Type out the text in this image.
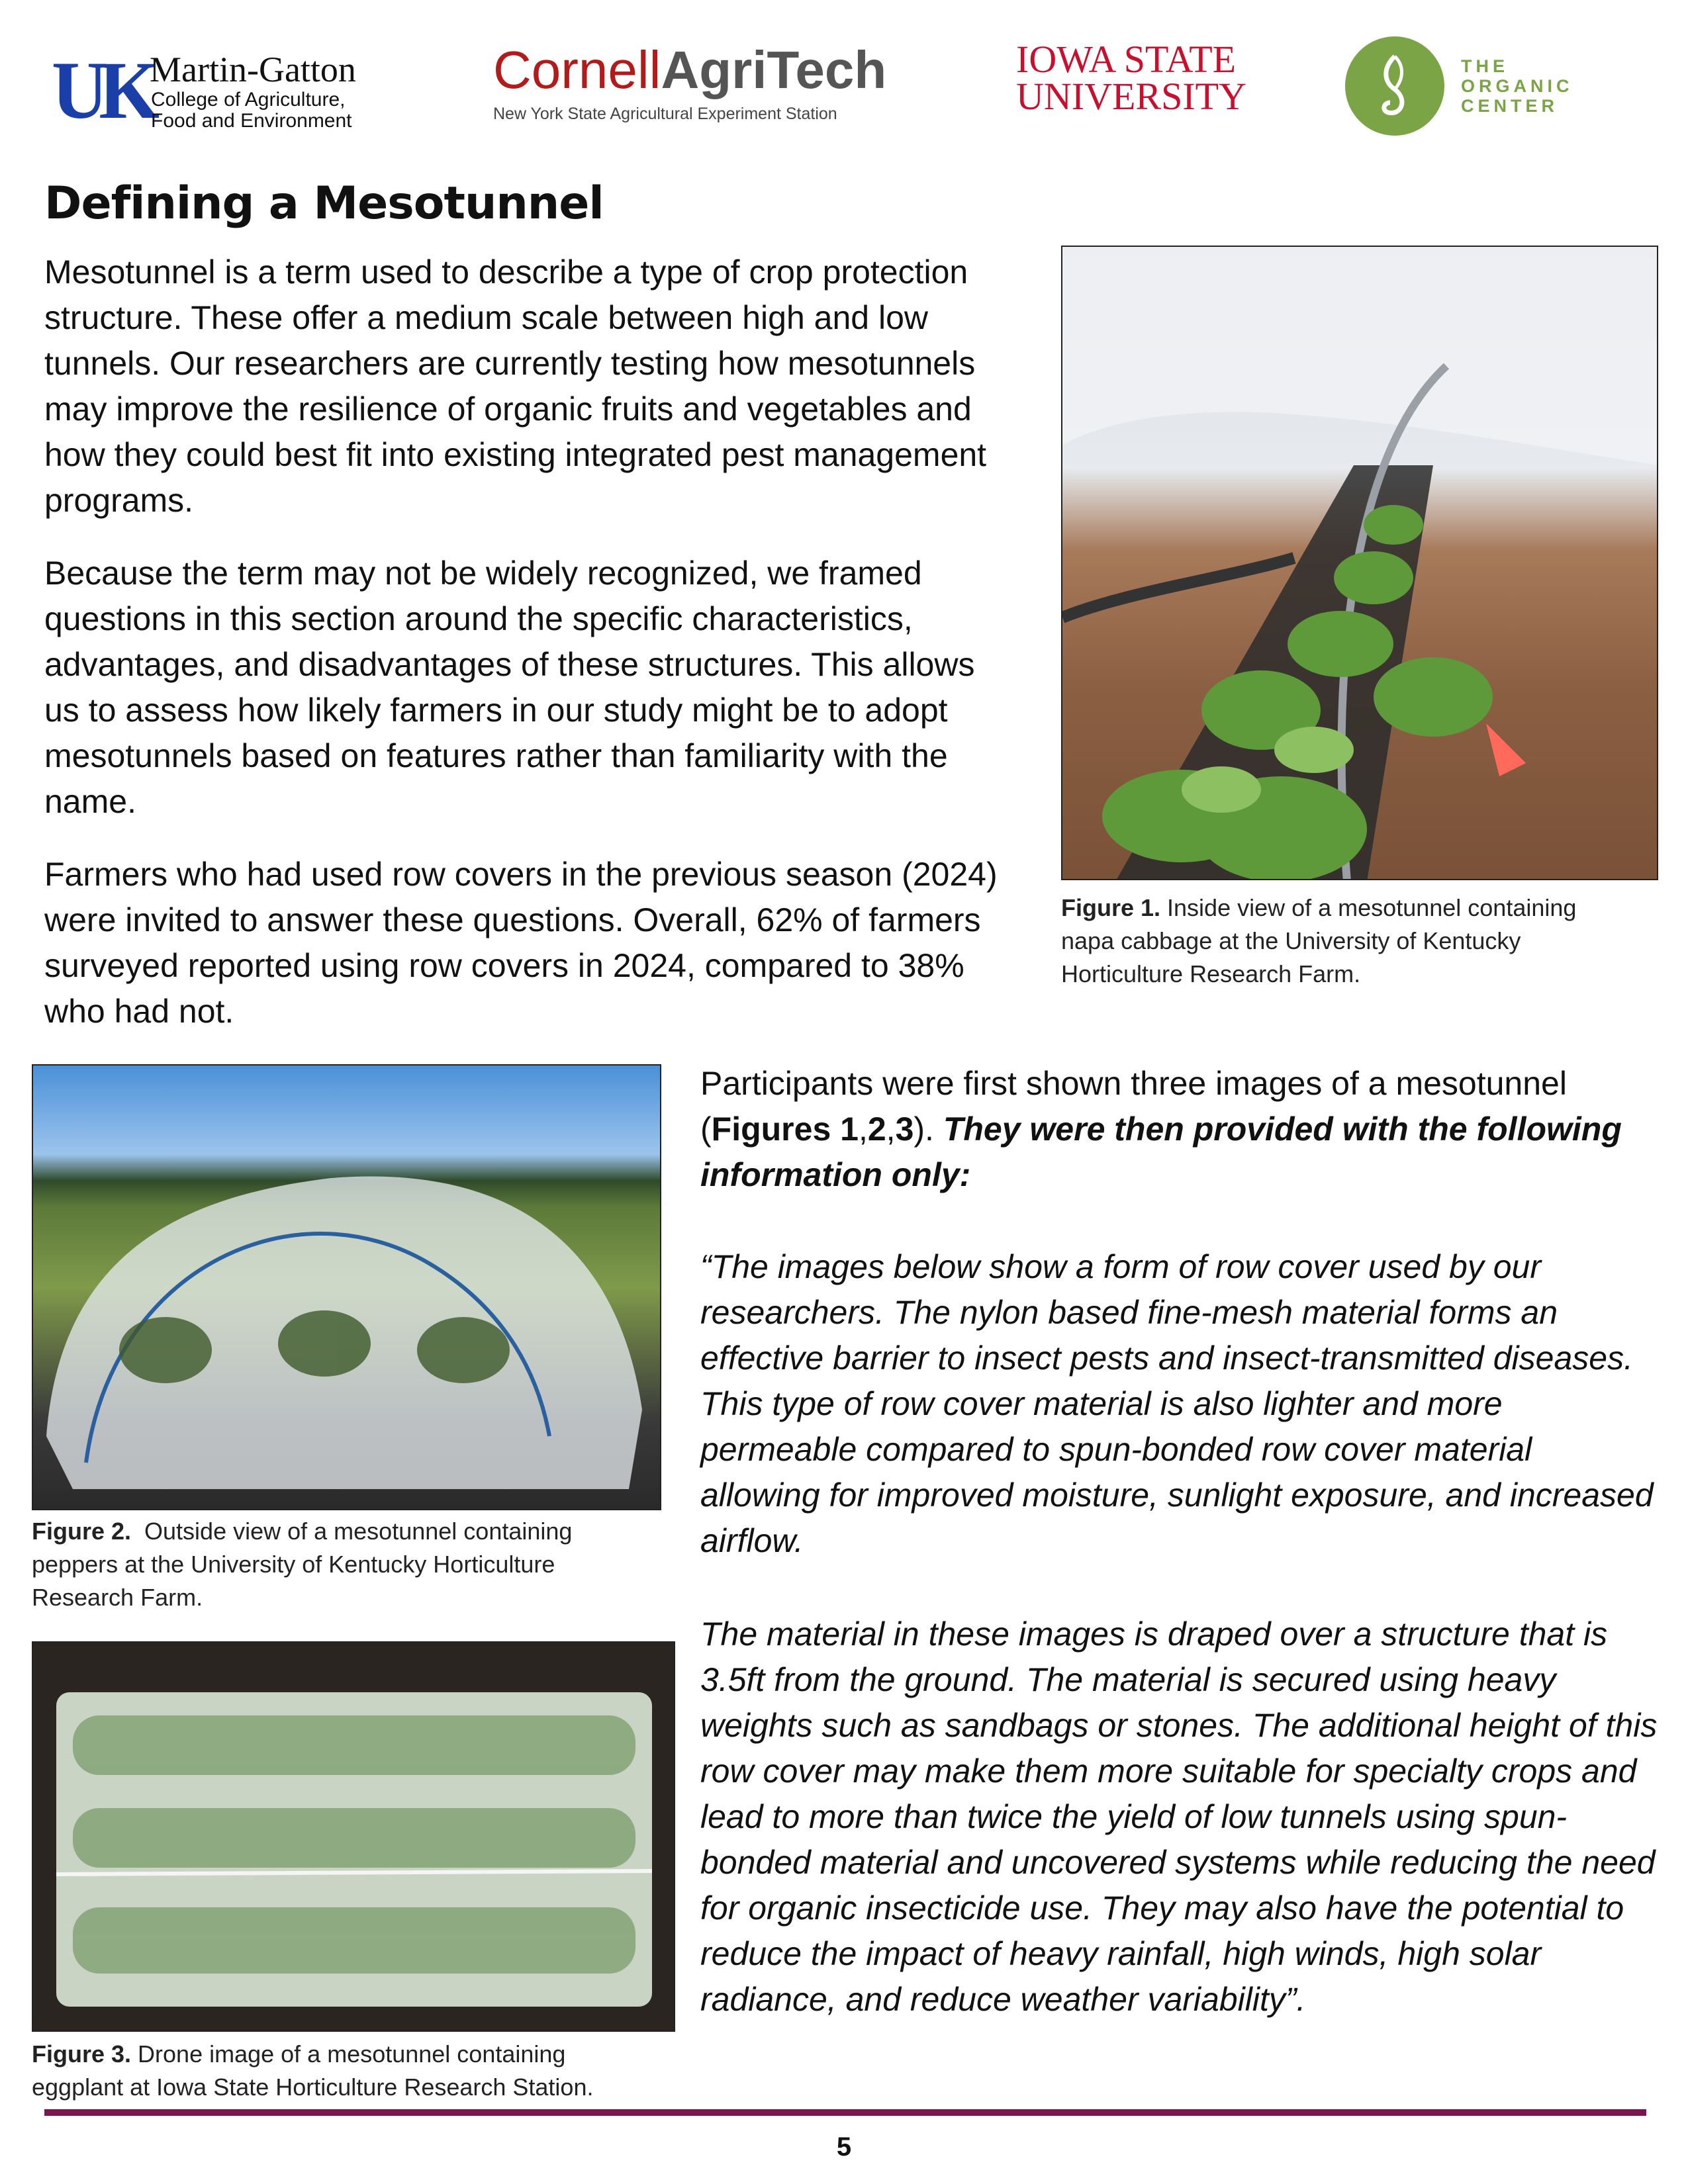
UK Martin-Gatton
College of Agriculture,
Food and Environment
CornellAgriTech
New York State Agricultural Experiment Station
IOWA STATE
UNIVERSITY
THE
ORGANIC
CENTER
Defining a Mesotunnel
Mesotunnel is a term used to describe a type of crop protection
structure. These offer a medium scale between high and low
tunnels. Our researchers are currently testing how mesotunnels
may improve the resilience of organic fruits and vegetables and
how they could best fit into existing integrated pest management
programs.
Because the term may not be widely recognized, we framed
questions in this section around the specific characteristics,
advantages, and disadvantages of these structures. This allows
us to assess how likely farmers in our study might be to adopt
mesotunnels based on features rather than familiarity with the
name.
Farmers who had used row covers in the previous season (2024)
were invited to answer these questions. Overall, 62% of farmers
surveyed reported using row covers in 2024, compared to 38%
who had not.
Figure 1. Inside view of a mesotunnel containing
napa cabbage at the University of Kentucky
Horticulture Research Farm.
Figure 2.  Outside view of a mesotunnel containing
peppers at the University of Kentucky Horticulture
Research Farm.
Figure 3. Drone image of a mesotunnel containing
eggplant at Iowa State Horticulture Research Station.
Participants were first shown three images of a mesotunnel
(Figures 1,2,3). They were then provided with the following
information only:
“The images below show a form of row cover used by our
researchers. The nylon based fine-mesh material forms an
effective barrier to insect pests and insect-transmitted diseases.
This type of row cover material is also lighter and more
permeable compared to spun-bonded row cover material
allowing for improved moisture, sunlight exposure, and increased
airflow.
The material in these images is draped over a structure that is
3.5ft from the ground. The material is secured using heavy
weights such as sandbags or stones. The additional height of this
row cover may make them more suitable for specialty crops and
lead to more than twice the yield of low tunnels using spun-
bonded material and uncovered systems while reducing the need
for organic insecticide use. They may also have the potential to
reduce the impact of heavy rainfall, high winds, high solar
radiance, and reduce weather variability”.
5
